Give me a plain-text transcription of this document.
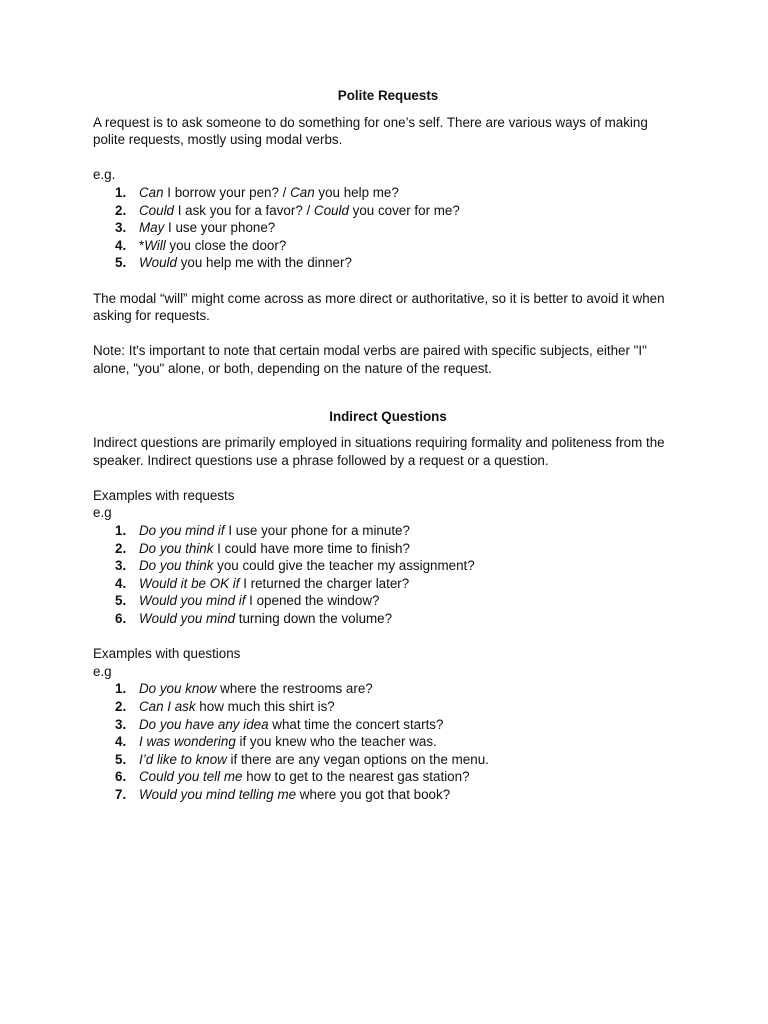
Polite Requests

A request is to ask someone to do something for one’s self. There are various ways of making polite requests, mostly using modal verbs.

e.g.

1. Can I borrow your pen? / Can you help me?
2. Could I ask you for a favor? / Could you cover for me?
3. May I use your phone?
4. *Will you close the door?
5. Would you help me with the dinner?

The modal “will” might come across as more direct or authoritative, so it is better to avoid it when asking for requests.

Note: It's important to note that certain modal verbs are paired with specific subjects, either "I" alone, "you" alone, or both, depending on the nature of the request.

Indirect Questions

Indirect questions are primarily employed in situations requiring formality and politeness from the speaker. Indirect questions use a phrase followed by a request or a question.

Examples with requests

e.g

1. Do you mind if I use your phone for a minute?
2. Do you think I could have more time to finish?
3. Do you think you could give the teacher my assignment?
4. Would it be OK if I returned the charger later?
5. Would you mind if I opened the window?
6. Would you mind turning down the volume?

Examples with questions

e.g

1. Do you know where the restrooms are?
2. Can I ask how much this shirt is?
3. Do you have any idea what time the concert starts?
4. I was wondering if you knew who the teacher was.
5. I’d like to know if there are any vegan options on the menu.
6. Could you tell me how to get to the nearest gas station?
7. Would you mind telling me where you got that book?
